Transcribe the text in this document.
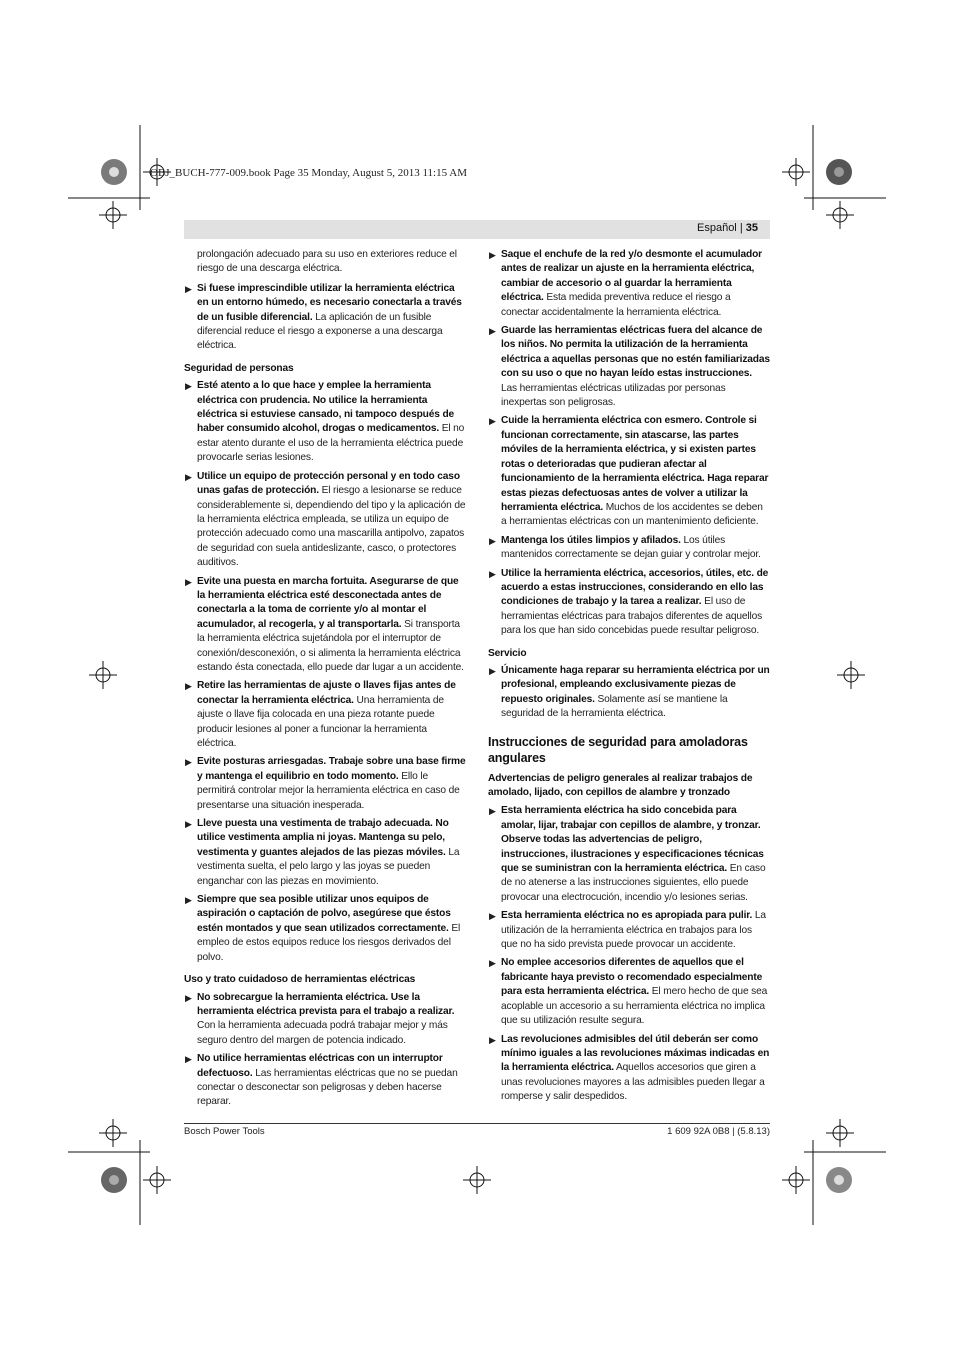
OBJ_BUCH-777-009.book Page 35 Monday, August 5, 2013 11:15 AM
Español | 35
prolongación adecuado para su uso en exteriores reduce el riesgo de una descarga eléctrica.
▶ Si fuese imprescindible utilizar la herramienta eléctrica en un entorno húmedo, es necesario conectarla a través de un fusible diferencial. La aplicación de un fusible diferencial reduce el riesgo a exponerse a una descarga eléctrica.
Seguridad de personas
▶ Esté atento a lo que hace y emplee la herramienta eléctrica con prudencia. No utilice la herramienta eléctrica si estuviese cansado, ni tampoco después de haber consumido alcohol, drogas o medicamentos. El no estar atento durante el uso de la herramienta eléctrica puede provocarle serias lesiones.
▶ Utilice un equipo de protección personal y en todo caso unas gafas de protección. El riesgo a lesionarse se reduce considerablemente si, dependiendo del tipo y la aplicación de la herramienta eléctrica empleada, se utiliza un equipo de protección adecuado como una mascarilla antipolvo, zapatos de seguridad con suela antideslizante, casco, o protectores auditivos.
▶ Evite una puesta en marcha fortuita. Asegurarse de que la herramienta eléctrica esté desconectada antes de conectarla a la toma de corriente y/o al montar el acumulador, al recogerla, y al transportarla. Si transporta la herramienta eléctrica sujetándola por el interruptor de conexión/desconexión, o si alimenta la herramienta eléctrica estando ésta conectada, ello puede dar lugar a un accidente.
▶ Retire las herramientas de ajuste o llaves fijas antes de conectar la herramienta eléctrica. Una herramienta de ajuste o llave fija colocada en una pieza rotante puede producir lesiones al poner a funcionar la herramienta eléctrica.
▶ Evite posturas arriesgadas. Trabaje sobre una base firme y mantenga el equilibrio en todo momento. Ello le permitirá controlar mejor la herramienta eléctrica en caso de presentarse una situación inesperada.
▶ Lleve puesta una vestimenta de trabajo adecuada. No utilice vestimenta amplia ni joyas. Mantenga su pelo, vestimenta y guantes alejados de las piezas móviles. La vestimenta suelta, el pelo largo y las joyas se pueden enganchar con las piezas en movimiento.
▶ Siempre que sea posible utilizar unos equipos de aspiración o captación de polvo, asegúrese que éstos estén montados y que sean utilizados correctamente. El empleo de estos equipos reduce los riesgos derivados del polvo.
Uso y trato cuidadoso de herramientas eléctricas
▶ No sobrecargue la herramienta eléctrica. Use la herramienta eléctrica prevista para el trabajo a realizar. Con la herramienta adecuada podrá trabajar mejor y más seguro dentro del margen de potencia indicado.
▶ No utilice herramientas eléctricas con un interruptor defectuoso. Las herramientas eléctricas que no se puedan conectar o desconectar son peligrosas y deben hacerse reparar.
▶ Saque el enchufe de la red y/o desmonte el acumulador antes de realizar un ajuste en la herramienta eléctrica, cambiar de accesorio o al guardar la herramienta eléctrica. Esta medida preventiva reduce el riesgo a conectar accidentalmente la herramienta eléctrica.
▶ Guarde las herramientas eléctricas fuera del alcance de los niños. No permita la utilización de la herramienta eléctrica a aquellas personas que no estén familiarizadas con su uso o que no hayan leído estas instrucciones. Las herramientas eléctricas utilizadas por personas inexpertas son peligrosas.
▶ Cuide la herramienta eléctrica con esmero. Controle si funcionan correctamente, sin atascarse, las partes móviles de la herramienta eléctrica, y si existen partes rotas o deterioradas que pudieran afectar al funcionamiento de la herramienta eléctrica. Haga reparar estas piezas defectuosas antes de volver a utilizar la herramienta eléctrica. Muchos de los accidentes se deben a herramientas eléctricas con un mantenimiento deficiente.
▶ Mantenga los útiles limpios y afilados. Los útiles mantenidos correctamente se dejan guiar y controlar mejor.
▶ Utilice la herramienta eléctrica, accesorios, útiles, etc. de acuerdo a estas instrucciones, considerando en ello las condiciones de trabajo y la tarea a realizar. El uso de herramientas eléctricas para trabajos diferentes de aquellos para los que han sido concebidas puede resultar peligroso.
Servicio
▶ Únicamente haga reparar su herramienta eléctrica por un profesional, empleando exclusivamente piezas de repuesto originales. Solamente así se mantiene la seguridad de la herramienta eléctrica.
Instrucciones de seguridad para amoladoras angulares
Advertencias de peligro generales al realizar trabajos de amolado, lijado, con cepillos de alambre y tronzado
▶ Esta herramienta eléctrica ha sido concebida para amolar, lijar, trabajar con cepillos de alambre, y tronzar. Observe todas las advertencias de peligro, instrucciones, ilustraciones y especificaciones técnicas que se suministran con la herramienta eléctrica. En caso de no atenerse a las instrucciones siguientes, ello puede provocar una electrocución, incendio y/o lesiones serias.
▶ Esta herramienta eléctrica no es apropiada para pulir. La utilización de la herramienta eléctrica en trabajos para los que no ha sido prevista puede provocar un accidente.
▶ No emplee accesorios diferentes de aquellos que el fabricante haya previsto o recomendado especialmente para esta herramienta eléctrica. El mero hecho de que sea acoplable un accesorio a su herramienta eléctrica no implica que su utilización resulte segura.
▶ Las revoluciones admisibles del útil deberán ser como mínimo iguales a las revoluciones máximas indicadas en la herramienta eléctrica. Aquellos accesorios que giren a unas revoluciones mayores a las admisibles pueden llegar a romperse y salir despedidos.
Bosch Power Tools	1 609 92A 0B8 | (5.8.13)
